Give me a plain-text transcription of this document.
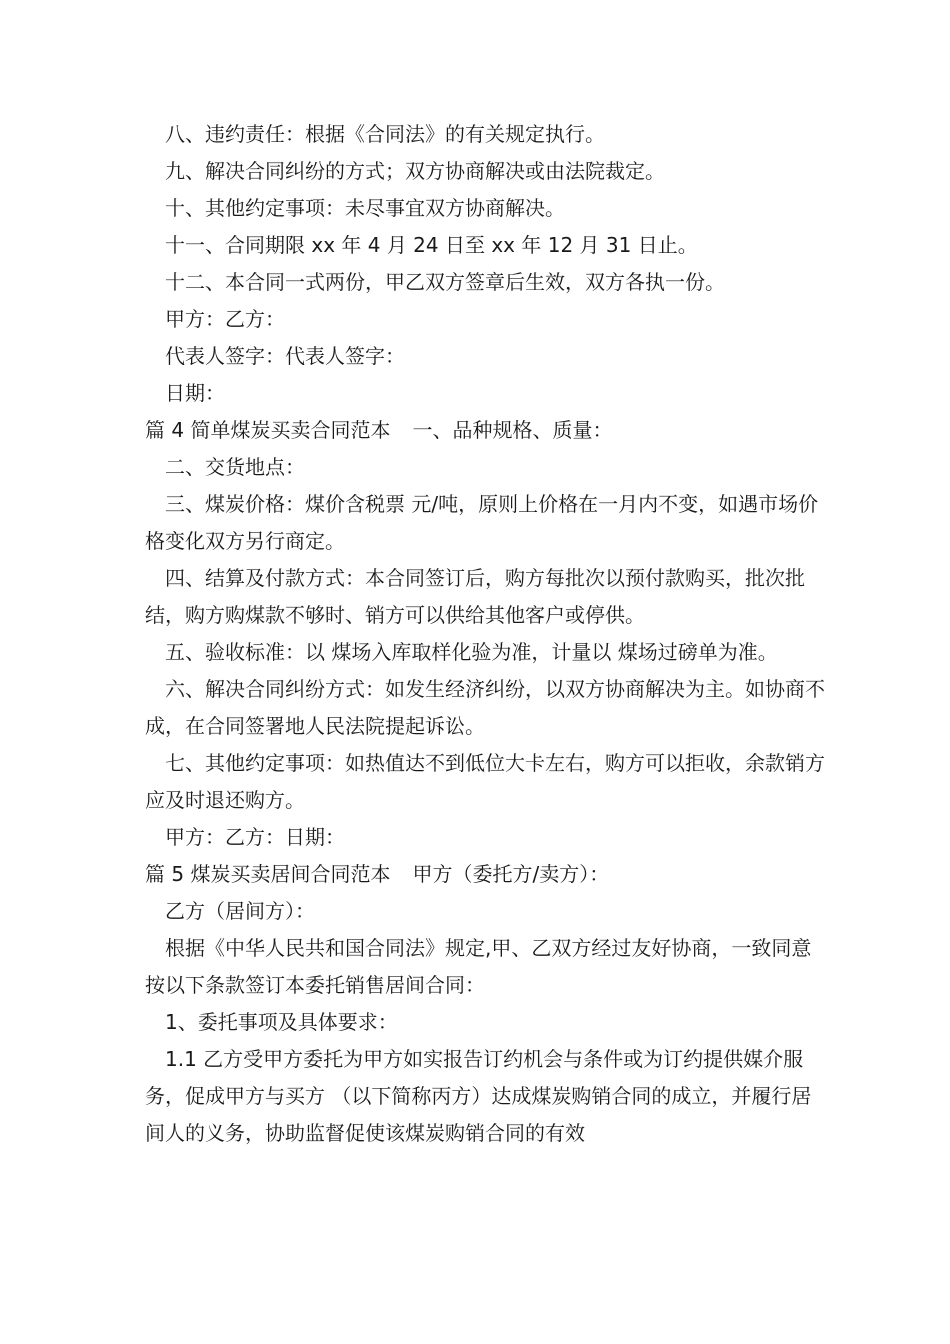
八、违约责任：根据《合同法》的有关规定执行。

九、解决合同纠纷的方式；双方协商解决或由法院裁定。

十、其他约定事项：未尽事宜双方协商解决。

十一、合同期限 xx 年 4 月 24 日至 xx 年 12 月 31 日止。

十二、本合同一式两份，甲乙双方签章后生效，双方各执一份。

甲方：乙方：

代表人签字：代表人签字：

日期：

篇 4 简单煤炭买卖合同范本 一、品种规格、质量：

二、交货地点：

三、煤炭价格：煤价含税票 元/吨，原则上价格在一月内不变，如遇市场价格变化双方另行商定。

四、结算及付款方式：本合同签订后，购方每批次以预付款购买，批次批结，购方购煤款不够时、销方可以供给其他客户或停供。

五、验收标准：以 煤场入库取样化验为准，计量以 煤场过磅单为准。

六、解决合同纠纷方式：如发生经济纠纷，以双方协商解决为主。如协商不成，在合同签署地人民法院提起诉讼。

七、其他约定事项：如热值达不到低位大卡左右，购方可以拒收，余款销方应及时退还购方。

甲方：乙方：日期：

篇 5 煤炭买卖居间合同范本 甲方（委托方/卖方）：

乙方（居间方）：

根据《中华人民共和国合同法》规定,甲、乙双方经过友好协商，一致同意按以下条款签订本委托销售居间合同：

1、委托事项及具体要求：

1.1 乙方受甲方委托为甲方如实报告订约机会与条件或为订约提供媒介服务，促成甲方与买方 （以下简称丙方）达成煤炭购销合同的成立，并履行居间人的义务，协助监督促使该煤炭购销合同的有效
